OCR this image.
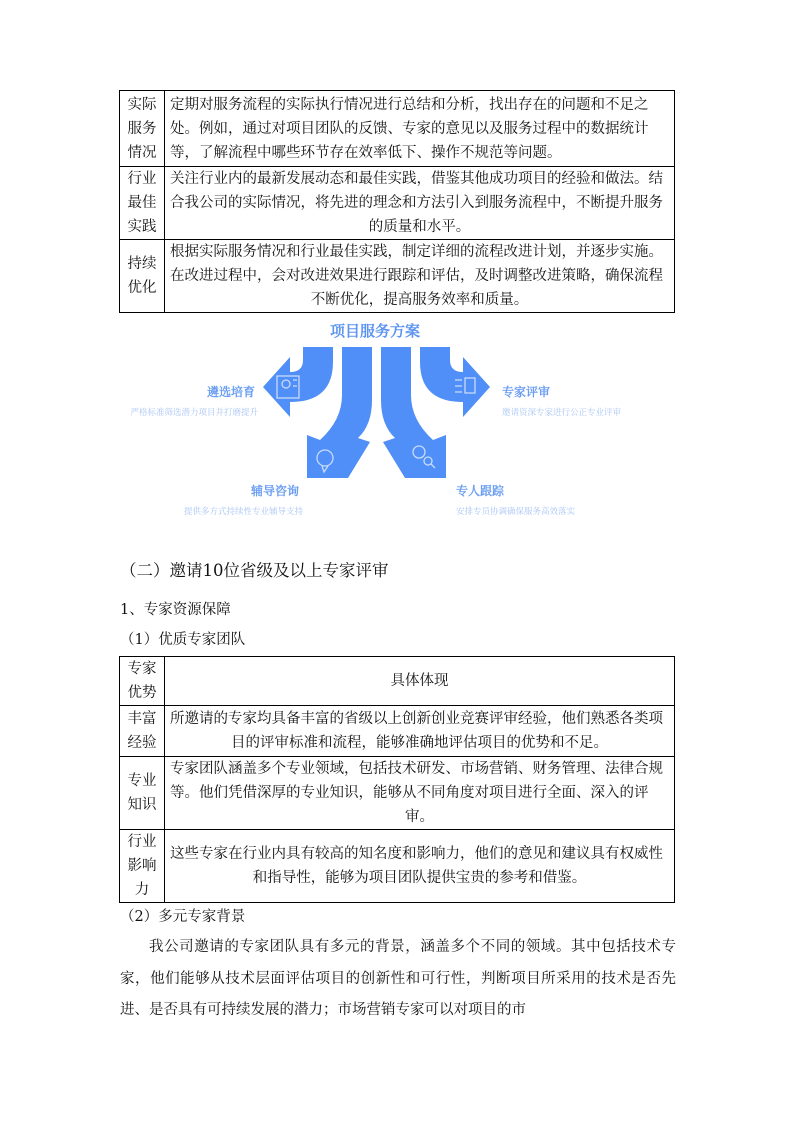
实际服务情况	定期对服务流程的实际执行情况进行总结和分析，找出存在的问题和不足之处。例如，通过对项目团队的反馈、专家的意见以及服务过程中的数据统计等，了解流程中哪些环节存在效率低下、操作不规范等问题。
行业最佳实践	关注行业内的最新发展动态和最佳实践，借鉴其他成功项目的经验和做法。结合我公司的实际情况，将先进的理念和方法引入到服务流程中，不断提升服务的质量和水平。
持续优化	根据实际服务情况和行业最佳实践，制定详细的流程改进计划，并逐步实施。在改进过程中，会对改进效果进行跟踪和评估，及时调整改进策略，确保流程不断优化，提高服务效率和质量。
项目服务方案
遴选培育
严格标准筛选潜力项目并打磨提升
专家评审
邀请资深专家进行公正专业评审
辅导咨询
提供多方式持续性专业辅导支持
专人跟踪
安排专员协调确保服务高效落实
（二）邀请10位省级及以上专家评审
1、专家资源保障
（1）优质专家团队
专家优势	具体体现
丰富经验	所邀请的专家均具备丰富的省级以上创新创业竞赛评审经验，他们熟悉各类项目的评审标准和流程，能够准确地评估项目的优势和不足。
专业知识	专家团队涵盖多个专业领域，包括技术研发、市场营销、财务管理、法律合规等。他们凭借深厚的专业知识，能够从不同角度对项目进行全面、深入的评审。
行业影响力	这些专家在行业内具有较高的知名度和影响力，他们的意见和建议具有权威性和指导性，能够为项目团队提供宝贵的参考和借鉴。
（2）多元专家背景
我公司邀请的专家团队具有多元的背景，涵盖多个不同的领域。其中包括技术专家，他们能够从技术层面评估项目的创新性和可行性，判断项目所采用的技术是否先进、是否具有可持续发展的潜力；市场营销专家可以对项目的市
